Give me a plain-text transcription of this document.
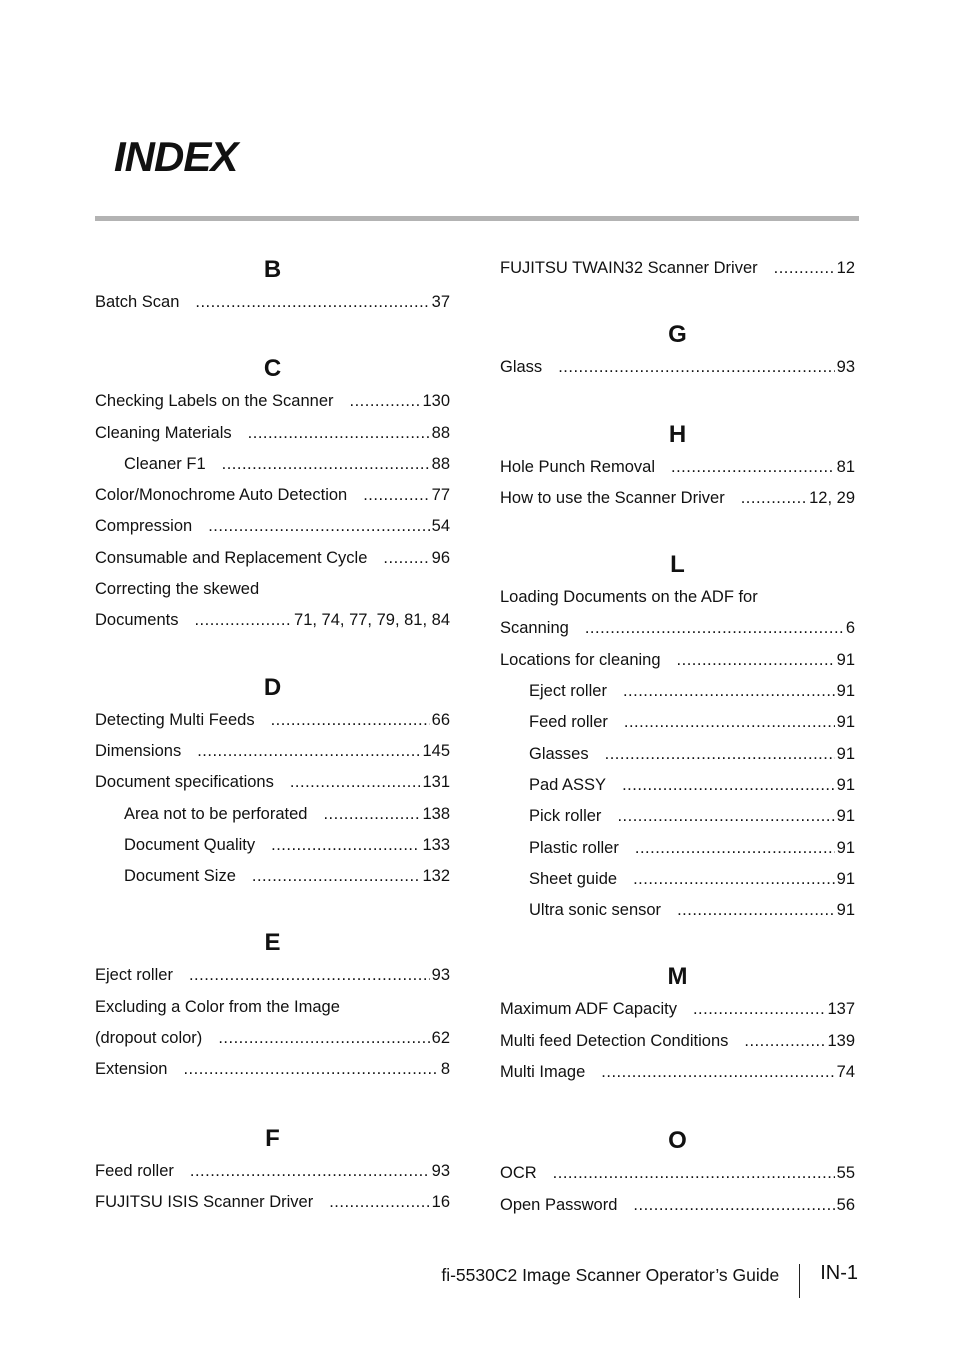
INDEX
B
Batch Scan .....	37
C
Checking Labels on the Scanner .....	130
Cleaning Materials .....	88
Cleaner F1 .....	88
Color/Monochrome Auto Detection .....	77
Compression .....	54
Consumable and Replacement Cycle .....	96
Correcting the skewed
Documents .....	71, 74, 77, 79, 81, 84
D
Detecting Multi Feeds .....	66
Dimensions .....	145
Document specifications .....	131
Area not to be perforated .....	138
Document Quality .....	133
Document Size .....	132
E
Eject roller .....	93
Excluding a Color from the Image
(dropout color) .....	62
Extension .....	8
F
Feed roller .....	93
FUJITSU ISIS Scanner Driver .....	16
FUJITSU TWAIN32 Scanner Driver .....	12
G
Glass .....	93
H
Hole Punch Removal .....	81
How to use the Scanner Driver .....	12, 29
L
Loading Documents on the ADF for
Scanning .....	6
Locations for cleaning .....	91
Eject roller .....	91
Feed roller .....	91
Glasses .....	91
Pad ASSY .....	91
Pick roller .....	91
Plastic roller .....	91
Sheet guide .....	91
Ultra sonic sensor .....	91
M
Maximum ADF Capacity .....	137
Multi feed Detection Conditions .....	139
Multi Image .....	74
O
OCR .....	55
Open Password .....	56
fi-5530C2 Image Scanner Operator’s Guide IN-1
